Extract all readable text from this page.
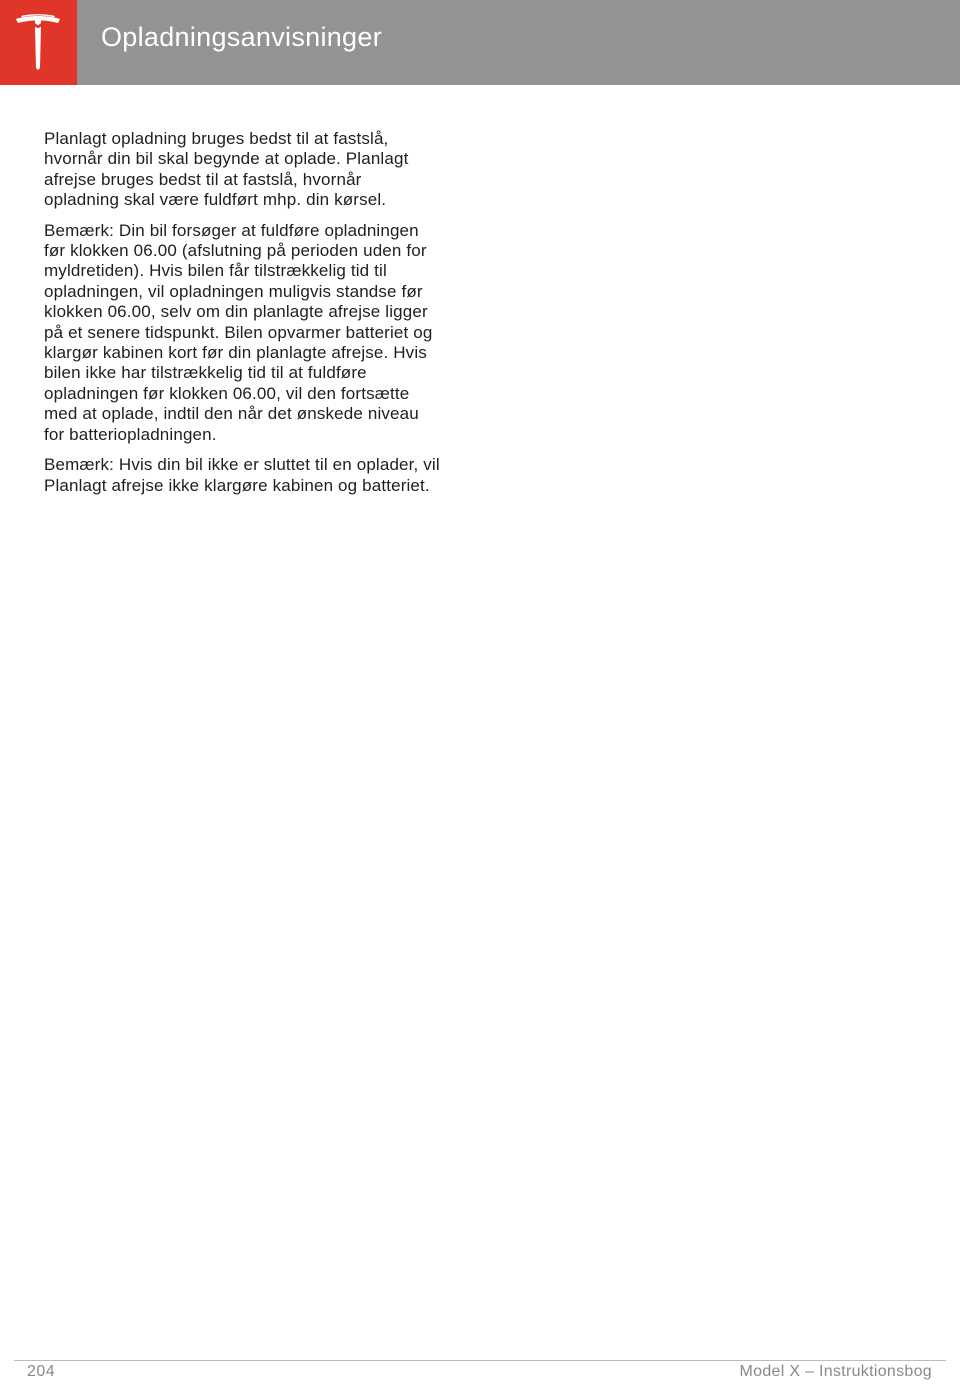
Opladningsanvisninger

Planlagt opladning bruges bedst til at fastslå, hvornår din bil skal begynde at oplade. Planlagt afrejse bruges bedst til at fastslå, hvornår opladning skal være fuldført mhp. din kørsel.

Bemærk: Din bil forsøger at fuldføre opladningen før klokken 06.00 (afslutning på perioden uden for myldretiden). Hvis bilen får tilstrækkelig tid til opladningen, vil opladningen muligvis standse før klokken 06.00, selv om din planlagte afrejse ligger på et senere tidspunkt. Bilen opvarmer batteriet og klargør kabinen kort før din planlagte afrejse. Hvis bilen ikke har tilstrækkelig tid til at fuldføre opladningen før klokken 06.00, vil den fortsætte med at oplade, indtil den når det ønskede niveau for batteriopladningen.

Bemærk: Hvis din bil ikke er sluttet til en oplader, vil Planlagt afrejse ikke klargøre kabinen og batteriet.

204	Model X – Instruktionsbog
